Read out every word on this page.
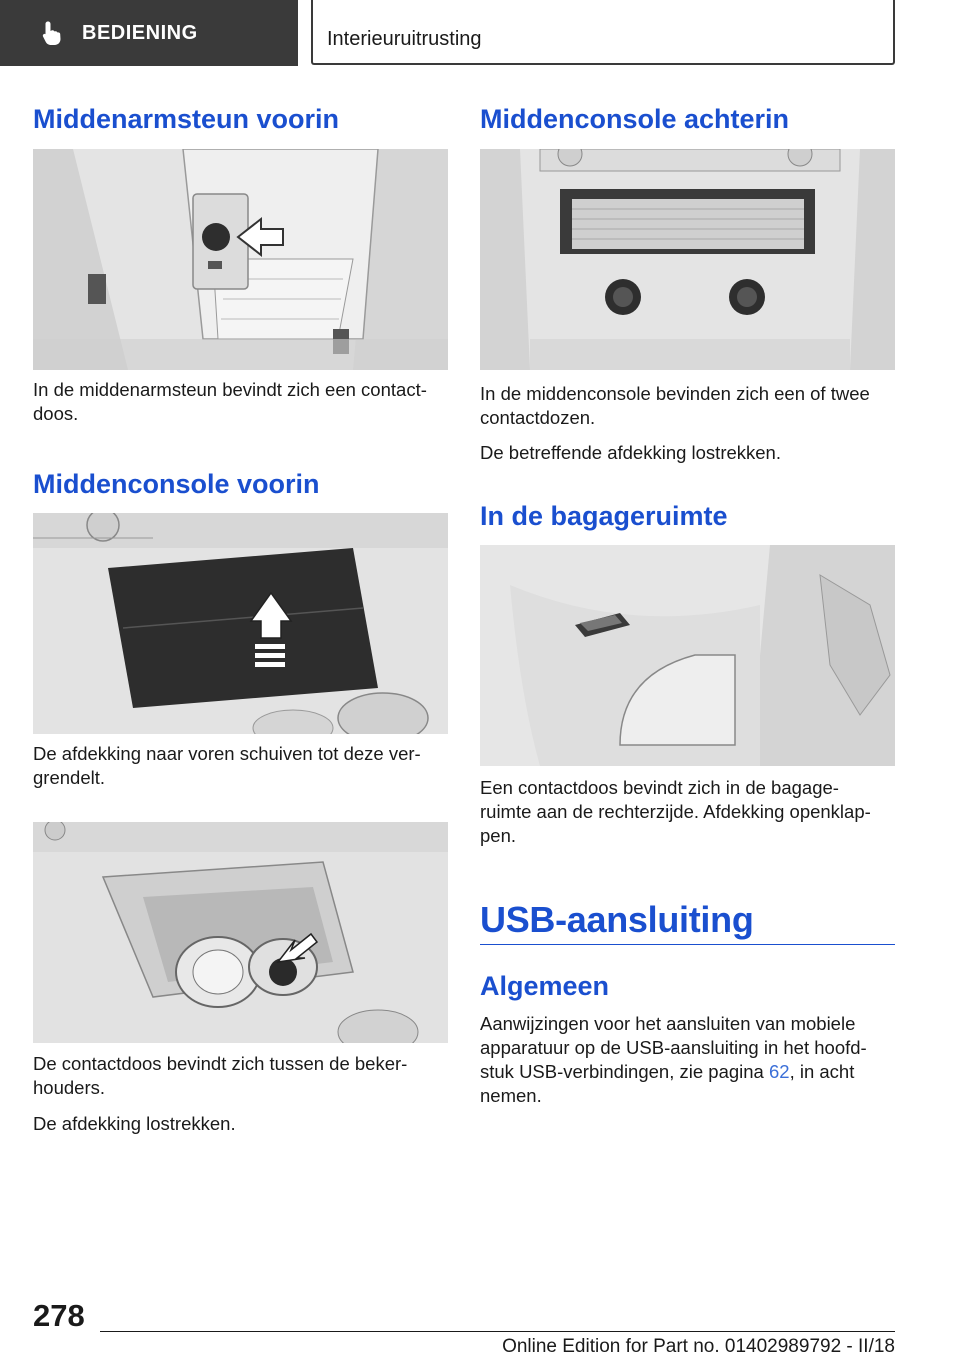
BEDIENING	Interieuruitrusting
Middenarmsteun voorin

In de middenarmsteun bevindt zich een contact-
doos.

Middenconsole voorin

De afdekking naar voren schuiven tot deze ver-
grendelt.

De contactdoos bevindt zich tussen de beker-
houders.

De afdekking lostrekken.

Middenconsole achterin

In de middenconsole bevinden zich een of twee
contactdozen.

De betreffende afdekking lostrekken.

In de bagageruimte

Een contactdoos bevindt zich in de bagage-
ruimte aan de rechterzijde. Afdekking openklap-
pen.

USB-aansluiting
Algemeen

Aanwijzingen voor het aansluiten van mobiele
apparatuur op de USB-aansluiting in het hoofd-
stuk USB-verbindingen, zie pagina 62, in acht
nemen.

278
Online Edition for Part no. 01402989792 - II/18
